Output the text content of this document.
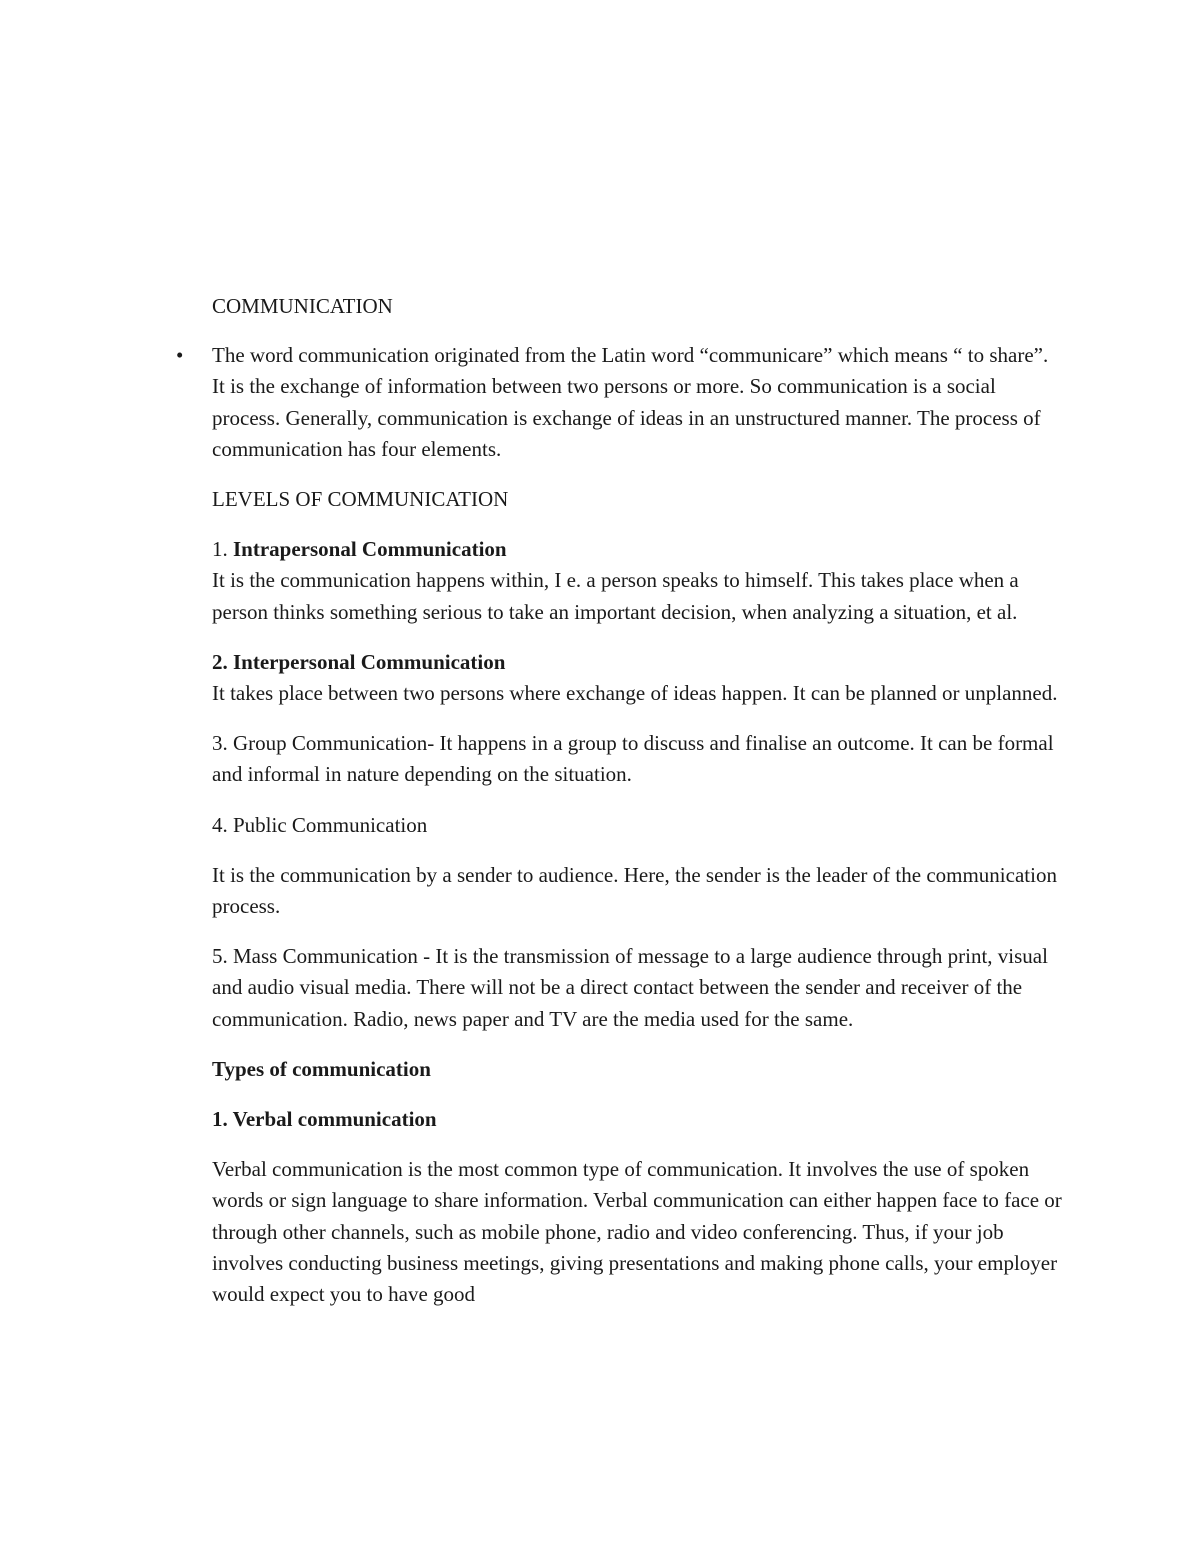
COMMUNICATION

• The word communication originated from the Latin word “communicare” which means “ to share”. It is the exchange of information between two persons or more. So communication is a social process. Generally, communication is exchange of ideas in an unstructured manner. The process of communication has four elements.

LEVELS OF COMMUNICATION

1. Intrapersonal Communication
It is the communication happens within, I e. a person speaks to himself. This takes place when a person thinks something serious to take an important decision, when analyzing a situation, et al.
2. Interpersonal Communication
It takes place between two persons where exchange of ideas happen. It can be planned or unplanned.

3. Group Communication- It happens in a group to discuss and finalise an outcome. It can be formal and informal in nature depending on the situation.

4. Public Communication

It is the communication by a sender to audience. Here, the sender is the leader of the communication process.

5. Mass Communication - It is the transmission of message to a large audience through print, visual and audio visual media. There will not be a direct contact between the sender and receiver of the communication. Radio, news paper and TV are the media used for the same.

Types of communication

1. Verbal communication

Verbal communication is the most common type of communication. It involves the use of spoken words or sign language to share information. Verbal communication can either happen face to face or through other channels, such as mobile phone, radio and video conferencing. Thus, if your job involves conducting business meetings, giving presentations and making phone calls, your employer would expect you to have good
